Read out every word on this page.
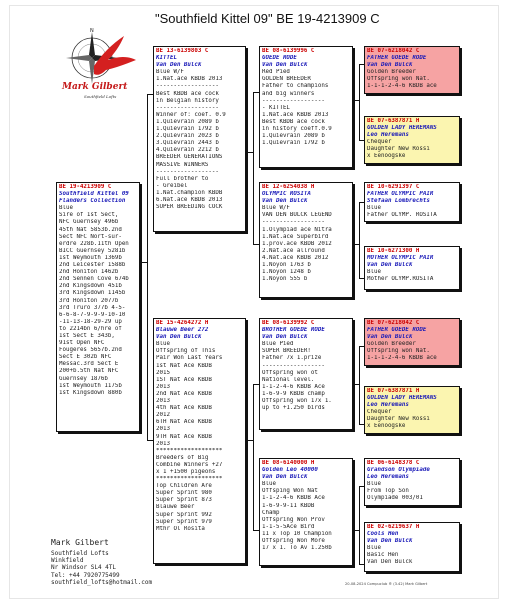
"Southfield Kittel 09" BE 19-4213909 C
N
Mark Gilbert
Southfield Lofts
BE 19-4213909 C
Southfield Kittel 09
Flanders Collection
Blue
Sire of 1st Sect,
NFC Guernsey 496b
45th Nat 5853b.2nd
Sect NFC Nort-sur-
erdre 228b.11th Open
BICC Guernsey 5281b
1st Weymouth 1369b
2nd Leicester 1588b
2nd Honiton 1462b
2nd Sennen Cove 674b
2nd Kingsdown 451b
3rd Kingsdown 1145b
3rd Honiton 2077b
3rd Truro 377b 4-5-
6-6-8-7-9-9-9-10-10
-11-13-18-29-29 up
to 2214bn 6/hre of
1st Sect E 343b,
91st Open NFC
Fougeres 5657b.2nd
Sect E 302b NFC
Messac.3rd Sect E
200+b.5th Nat NFC
Guernsey 1876b
1st Weymouth 1175b
1st Kingsdown 880b
BE 13-6139803 C
KITTEL
Van Den Bulck
Blue W/F
1.Nat.ace KBDB 2013
------------------
Best KBDB ace cock
in Belgian history
------------------
Winner of: coef. 0.9
1.Quievrain 2089 b
1.Quievrain 1792 b
2.Quievrain 2023 b
3.Quievrain 2443 b
4.Quievrain 2212 b
BREEDER GENERATIONS
MASSIVE WINNERS
------------------
Full brother to
- Greibel
1.Nat.champion KBDB
6.Nat.ace KBDB 2013
SUPER BREEDING COCK
BE 15-4264272 H
Blauwe Beer 272
Van Den Bulck
Blue
Offspring of This
Pair Won Last Years
1st Nat Ace KBDB
2015
1ST Nat Ace KBDB
2013
2nd Nat Ace KBDB
2013
4th Nat Ace KBDB
2012
6TH Nat Ace KBDB
2013
9TH Nat Ace KBDB
2013
*******************
Breeders of Big
Combine Winners +27
x 1 +1500 pigeons
*******************
Top Children Are
Super Sprint 980
Super Sprint 873
Blauwe Beer
Super Sprint 992
Super Sprint 979
Mthr Ol Rosita
BE 08-6139996 C
GOEDE RODE
Van Den Bulck
Red Pied
GOLDEN BREEDER
Father to champions
and big winners
------------------
- KITTEL
1.Nat.ace KBDB 2013
Best KBDB ace cock
in history coeff.0.9
1.Quievrain 2089 b
1.Quievrain 1792 b
BE 12-6254038 H
OLYMPIC ROSITA
Van Den Bulck
Blue W/F
VAN DEN BULCK LEGEND
------------------
1.Olympiad ace Nitra
1.Nat.ace Superbird
1.prov.ace KBDB 2012
2.Nat.ace allround
4.Nat.ace KBDB 2012
1.Noyon 1763 b
1.Noyon 1248 b
1.Noyon 555 b
BE 08-6139992 C
BROTHER GOEDE RODE
Van Den Bulck
Blue Pied
SUPER BREEDER!
Father 7x 1.prize
------------------
Offspring won ot
National level.
1-1-2-4-6 KBDB Ace
1-6-9-9 KBDB champ
Offspring won 17x 1.
up to +1.250 birds
BE 08-6140000 H
Golden Leo 40000
Van Den Bulck
Blue
Offsping Won Nat
1-1-2-4-6 KBDB Ace
1-6-9-9-11 KBDB
Champ
Offspring Won Prov
1-1-5-5Ace Bird
11 x Top 10 Champion
Offspring Won More
17 x 1. To Av 1.250b
BE 07-6218042 C
FATHER GOEDE RODE
Van Den Bulck
Golden Breeder
Offspring won Nat.
1-1-1-2-4-6 KBDB ace
BE 07-6387871 H
GOLDEN LADY HEREMANS
Leo Heremans
Chequer
Daughter New Rossi
x Eenoogske
BE 10-6291397 C
FATHER OLYMPIC PAIR
Stefaan Lombrechts
Blue
Father OLYMP. ROSITA
BE 10-6271300 H
MOTHER OLYMPIC PAIR
Van Den Bulck
Blue
Mother OLYMP.ROSITA
BE 07-6218042 C
FATHER GOEDE RODE
Van Den Bulck
Golden Breeder
Offspring won Nat.
1-1-1-2-4-6 KBDB ace
BE 07-6387871 H
GOLDEN LADY HEREMANS
Leo Heremans
Chequer
Daughter New Rossi
x Eenoogske
BE 06-6148378 C
Grandson Olympiade
Leo Heremans
Blue
From Top Son
Olympiade 003/01
BE 02-6219637 H
Cools Hen
Van Den Bulck
Blue
Basic Hen
Van Den Bulck
Mark Gilbert
Southfield Lofts
Winkfield
Nr Windsor SL4 4TL
Tel: +44 7920775499
southfield_lofts@hotmail.com	20-08-2024 Compuclub ® (3.42) Mark Gilbert
